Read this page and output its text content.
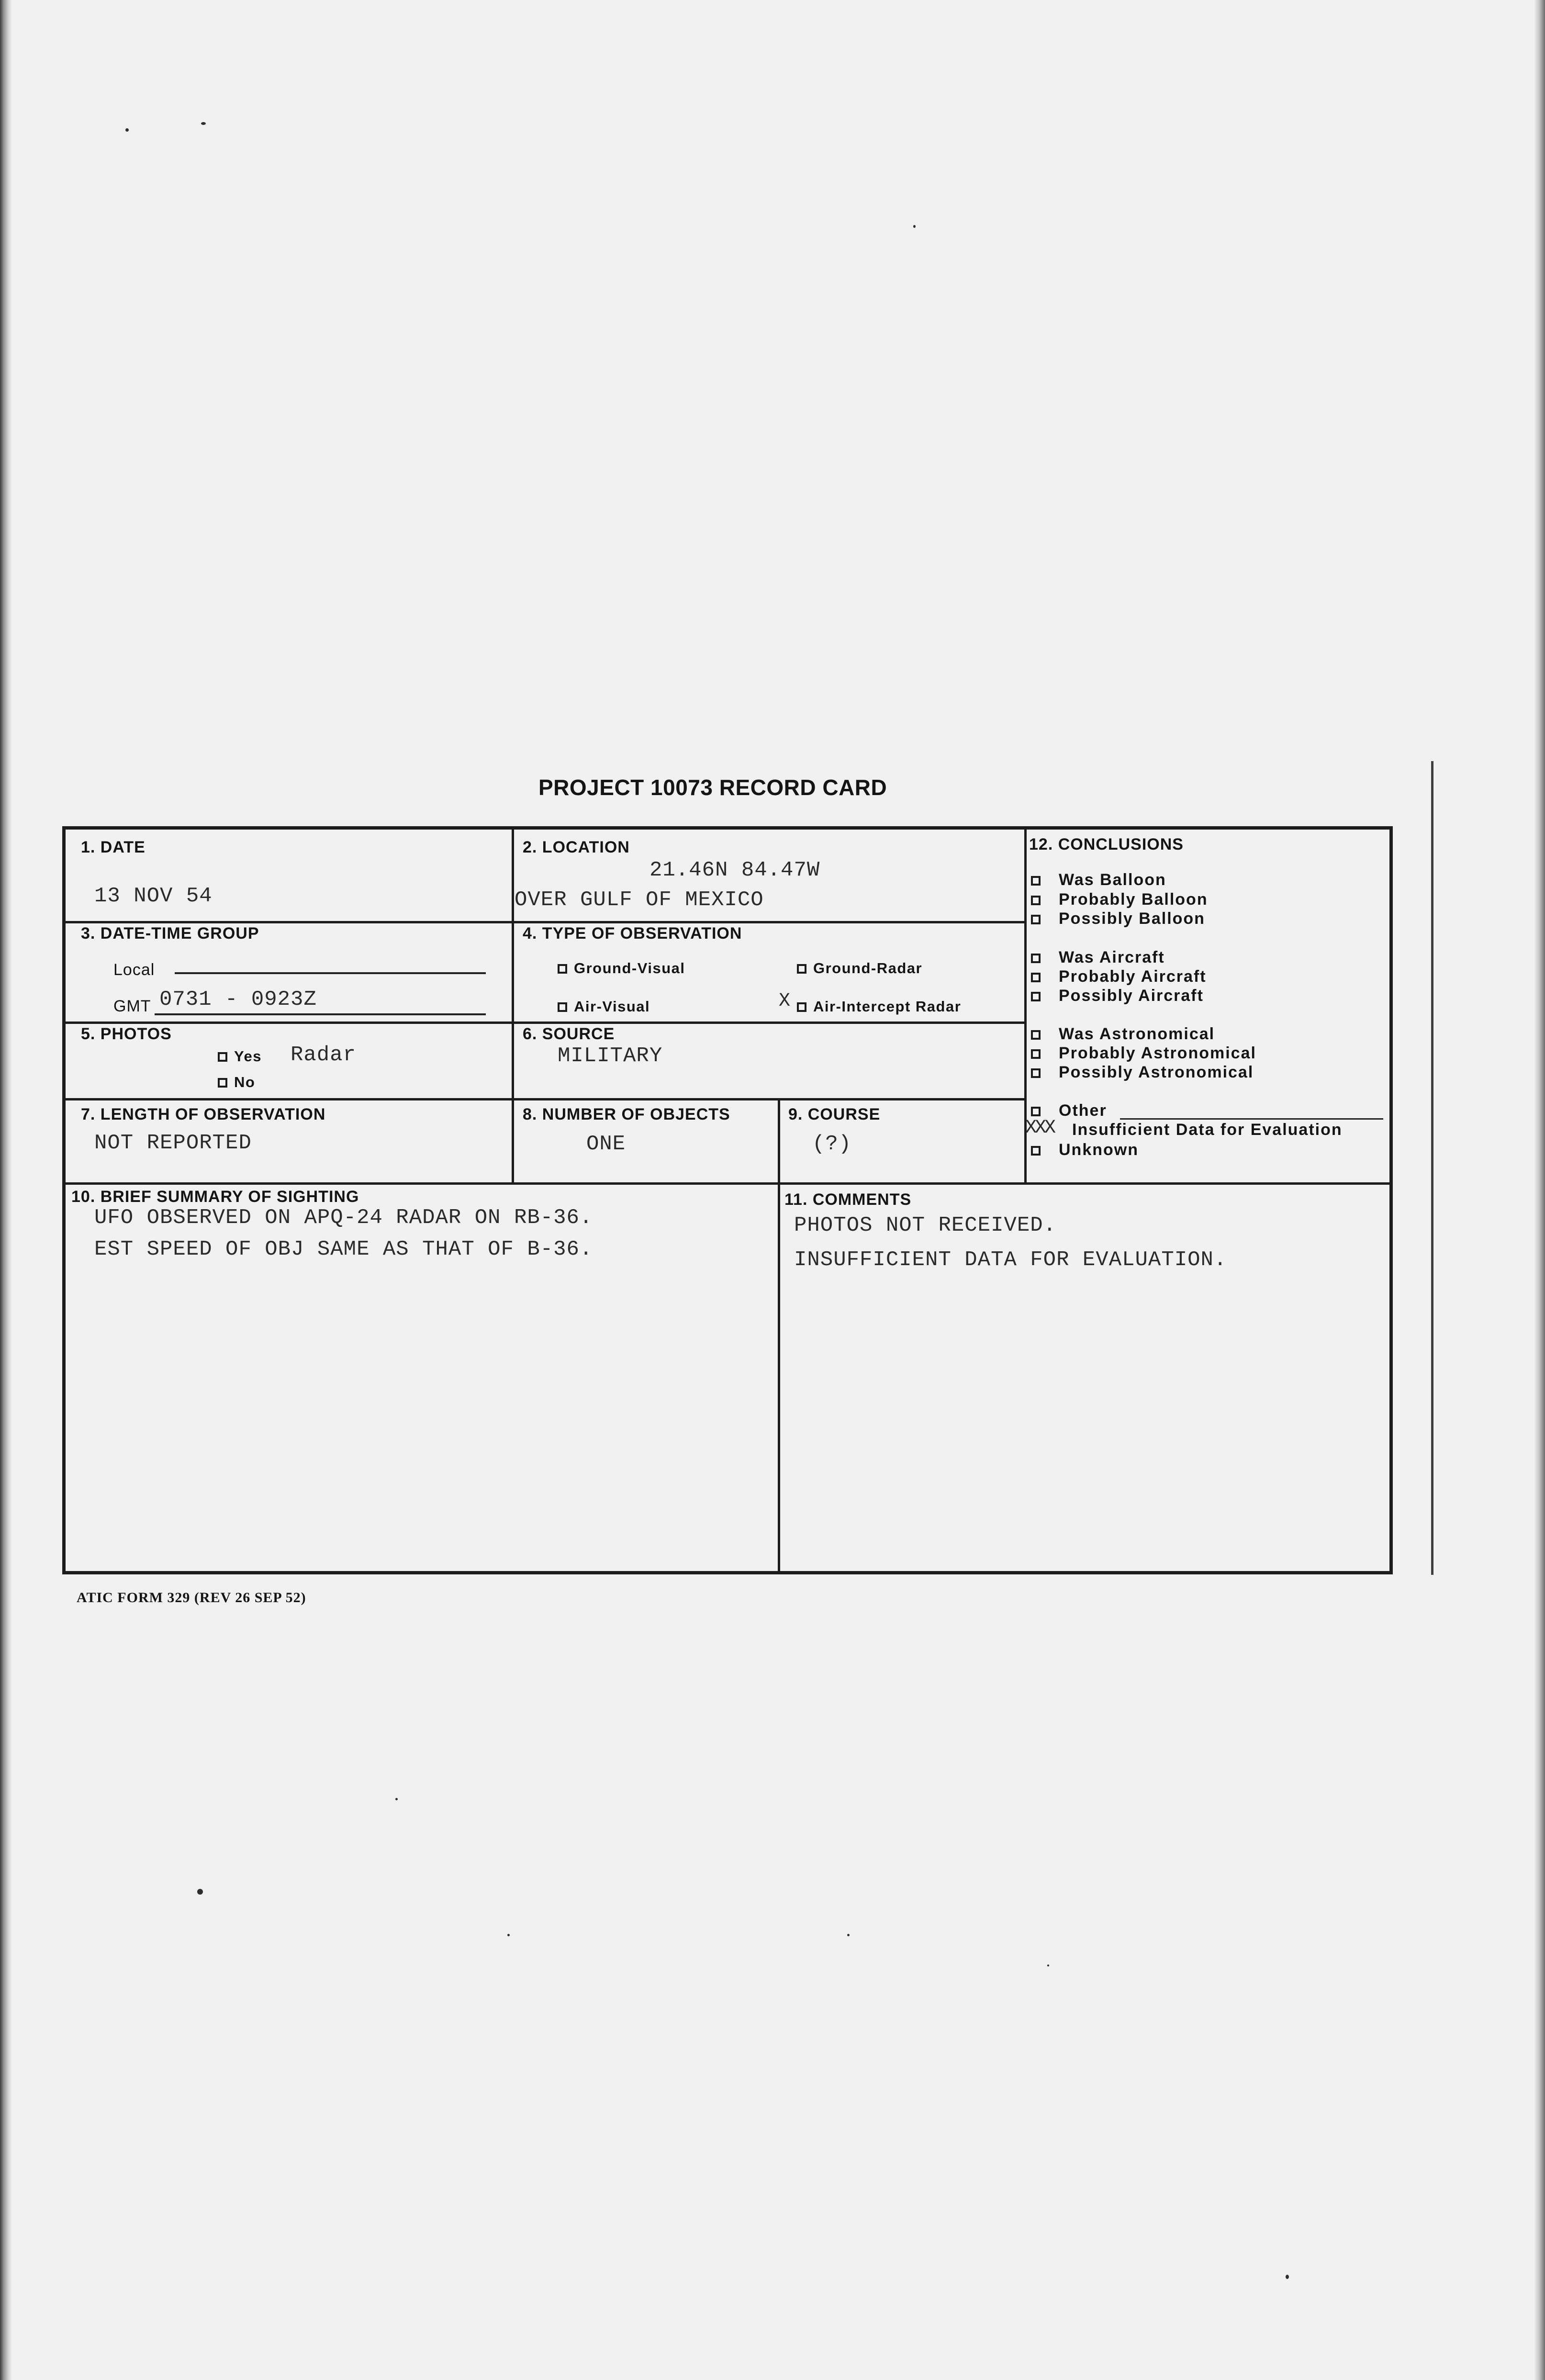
PROJECT 10073 RECORD CARD
1. DATE
13 NOV 54
2. LOCATION
21.46N 84.47W
OVER GULF OF MEXICO
3. DATE-TIME GROUP
Local
GMT 0731 - 0923Z
4. TYPE OF OBSERVATION
Ground-Visual	Ground-Radar
Air-Visual	X	Air-Intercept Radar
5. PHOTOS
Yes Radar
No
6. SOURCE
MILITARY
7. LENGTH OF OBSERVATION
NOT REPORTED
8. NUMBER OF OBJECTS
ONE
9. COURSE
(?)
10. BRIEF SUMMARY OF SIGHTING
UFO OBSERVED ON APQ-24 RADAR ON RB-36.
EST SPEED OF OBJ SAME AS THAT OF B-36.
11. COMMENTS
PHOTOS NOT RECEIVED.
INSUFFICIENT DATA FOR EVALUATION.
12. CONCLUSIONS
Was Balloon
Probably Balloon
Possibly Balloon
Was Aircraft
Probably Aircraft
Possibly Aircraft
Was Astronomical
Probably Astronomical
Possibly Astronomical
Other
XXX Insufficient Data for Evaluation
Unknown
ATIC FORM 329 (REV 26 SEP 52)
